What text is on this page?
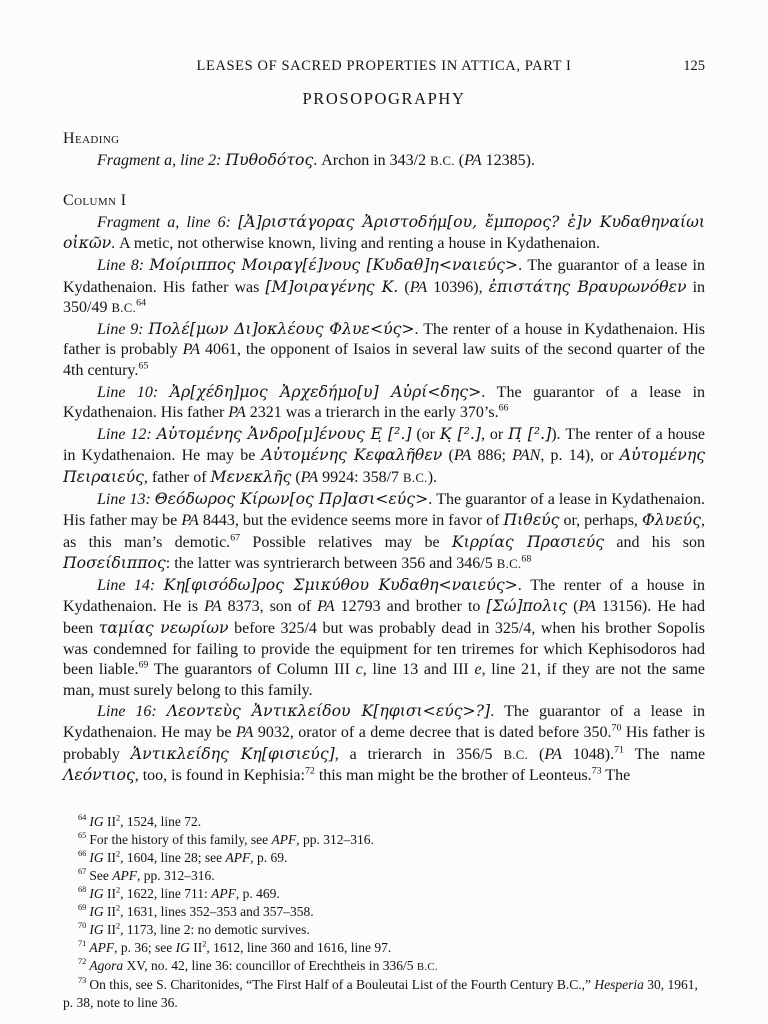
LEASES OF SACRED PROPERTIES IN ATTICA, PART I	125
PROSOPOGRAPHY
Heading

Fragment a, line 2: Πυθοδότος. Archon in 343/2 B.C. (PA 12385).

Column I

Fragment a, line 6: [Ἀ]ριστάγορας Ἀριστοδήμ[ου, ἔμπορος? ἐ]ν Κυδαθηναίωι οἰκῶν. A metic, not otherwise known, living and renting a house in Kydathenaion.

Line 8: Μοίριππος Μοιραγ[έ]νους [Κυδαθ]η<ναιεύς>. The guarantor of a lease in Kydathenaion. His father was [Μ]οιραγένης Κ. (PA 10396), ἐπιστάτης Βραυρωνόθεν in 350/49 B.C.$^{64}$

Line 9: Πολέ[μων Δι]οκλέους Φλυε<ύς>. The renter of a house in Kydathenaion. His father is probably PA 4061, the opponent of Isaios in several law suits of the second quarter of the 4th century.$^{65}$

Line 10: Ἀρ[χέδη]μος Ἀρχεδήμο[υ] Αὐρί<δης>. The guarantor of a lease in Kydathenaion. His father PA 2321 was a trierarch in the early 370’s.$^{66}$

Line 12: Αὐτομένης Ἀνδρο[μ]ένους Ε̣ [².] (or Κ̣ [².], or Π̣ [².]). The renter of a house in Kydathenaion. He may be Αὐτομένης Κεφαλῆθεν (PA 886; PAN, p. 14), or Αὐτομένης Πειραιεύς, father of Μενεκλῆς (PA 9924: 358/7 B.C.).

Line 13: Θεόδωρος Κίρων[ος Πρ]ασι<εύς>. The guarantor of a lease in Kydathenaion. His father may be PA 8443, but the evidence seems more in favor of Πιθεύς or, perhaps, Φλυεύς, as this man’s demotic.$^{67}$ Possible relatives may be Κιρρίας Πρασιεύς and his son Ποσείδιππος: the latter was syntrierarch between 356 and 346/5 B.C.$^{68}$

Line 14: Κη[φισόδω]ρος Σμικύθου Κυδαθη<ναιεύς>. The renter of a house in Kydathenaion. He is PA 8373, son of PA 12793 and brother to [Σώ]πολις (PA 13156). He had been ταμίας νεωρίων before 325/4 but was probably dead in 325/4, when his brother Sopolis was condemned for failing to provide the equipment for ten triremes for which Kephisodoros had been liable.$^{69}$ The guarantors of Column III c, line 13 and III e, line 21, if they are not the same man, must surely belong to this family.

Line 16: Λεοντεὺς Ἀντικλείδου Κ[ηφισι<εύς>?]. The guarantor of a lease in Kydathenaion. He may be PA 9032, orator of a deme decree that is dated before 350.70 His father is probably Ἀντικλείδης Κη[φισιεύς], a trierarch in 356/5 B.C. (PA 1048).$^{71}$ The name Λεόντιος, too, is found in Kephisia:$^{72}$ this man might be the brother of Leonteus.$^{73}$ The

$^{64}$ IG $II^2$, 1524, line 72.

$^{65}$ For the history of this family, see APF, pp. 312–316.

$^{66}$ IG $II^2$, 1604, line 28; see APF, p. 69.

$^{67}$ See APF, pp. 312–316.

$^{68}$ IG $II^2$, 1622, line 711: APF, p. 469.

$^{69}$ IG $II^2$, 1631, lines 352–353 and 357–358.

$^{70}$ IG $II^2$, 1173, line 2: no demotic survives.

$^{71}$ APF, p. 36; see IG $II^2$, 1612, line 360 and 1616, line 97.

$^{72}$ Agora XV, no. 42, line 36: councillor of Erechtheis in 336/5 B.C.

$^{73}$ On this, see S. Charitonides, “The First Half of a Bouleutai List of the Fourth Century B.C.,” Hesperia 30, 1961, p. 38, note to line 36.
